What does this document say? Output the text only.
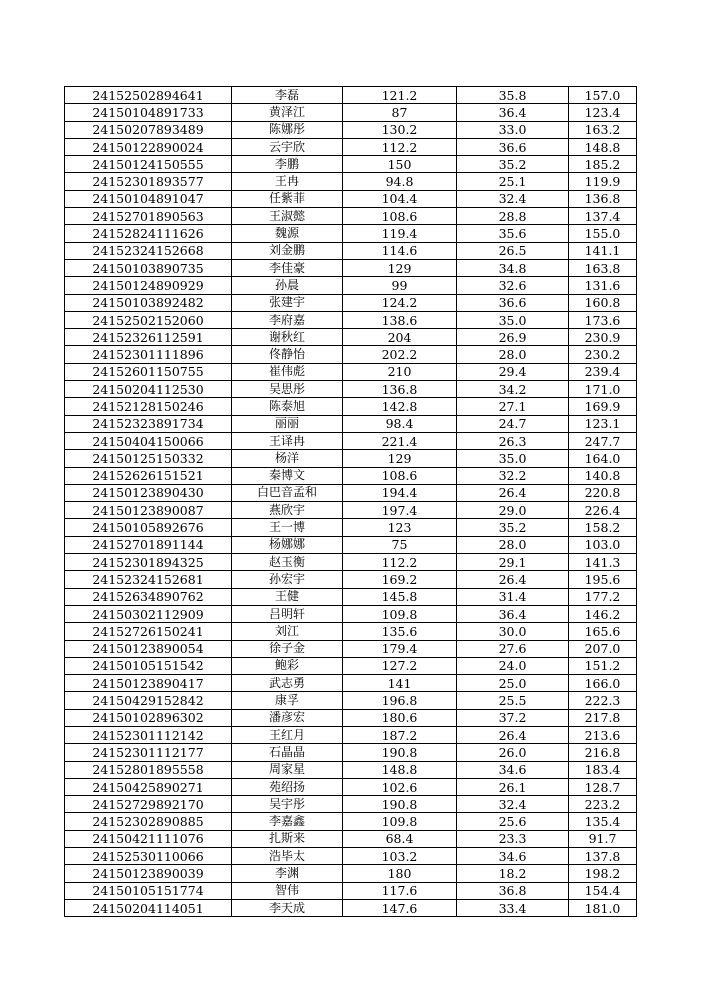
24152502894641	李磊	121.2	35.8	157.0
24150104891733	黄泽江	87	36.4	123.4
24150207893489	陈娜彤	130.2	33.0	163.2
24150122890024	云宇欣	112.2	36.6	148.8
24150124150555	李鹏	150	35.2	185.2
24152301893577	王冉	94.8	25.1	119.9
24150104891047	任紫菲	104.4	32.4	136.8
24152701890563	王淑懿	108.6	28.8	137.4
24152824111626	魏源	119.4	35.6	155.0
24152324152668	刘金鹏	114.6	26.5	141.1
24150103890735	李佳豪	129	34.8	163.8
24150124890929	孙晨	99	32.6	131.6
24150103892482	张建宇	124.2	36.6	160.8
24152502152060	李府嘉	138.6	35.0	173.6
24152326112591	谢秋红	204	26.9	230.9
24152301111896	佟静怡	202.2	28.0	230.2
24152601150755	崔伟彪	210	29.4	239.4
24150204112530	吴思彤	136.8	34.2	171.0
24152128150246	陈泰旭	142.8	27.1	169.9
24152323891734	丽丽	98.4	24.7	123.1
24150404150066	王译冉	221.4	26.3	247.7
24150125150332	杨洋	129	35.0	164.0
24152626151521	秦博文	108.6	32.2	140.8
24150123890430	白巴音孟和	194.4	26.4	220.8
24150123890087	燕欣宇	197.4	29.0	226.4
24150105892676	王一博	123	35.2	158.2
24152701891144	杨娜娜	75	28.0	103.0
24152301894325	赵玉衡	112.2	29.1	141.3
24152324152681	孙宏宇	169.2	26.4	195.6
24152634890762	王健	145.8	31.4	177.2
24150302112909	吕明轩	109.8	36.4	146.2
24152726150241	刘江	135.6	30.0	165.6
24150123890054	徐子金	179.4	27.6	207.0
24150105151542	鲍彩	127.2	24.0	151.2
24150123890417	武志勇	141	25.0	166.0
24150429152842	康孚	196.8	25.5	222.3
24150102896302	潘彦宏	180.6	37.2	217.8
24152301112142	王红月	187.2	26.4	213.6
24152301112177	石晶晶	190.8	26.0	216.8
24152801895558	周家星	148.8	34.6	183.4
24150425890271	苑绍扬	102.6	26.1	128.7
24152729892170	吴宇彤	190.8	32.4	223.2
24152302890885	李嘉鑫	109.8	25.6	135.4
24150421111076	扎斯来	68.4	23.3	91.7
24152530110066	浩毕太	103.2	34.6	137.8
24150123890039	李渊	180	18.2	198.2
24150105151774	智伟	117.6	36.8	154.4
24150204114051	李天成	147.6	33.4	181.0
